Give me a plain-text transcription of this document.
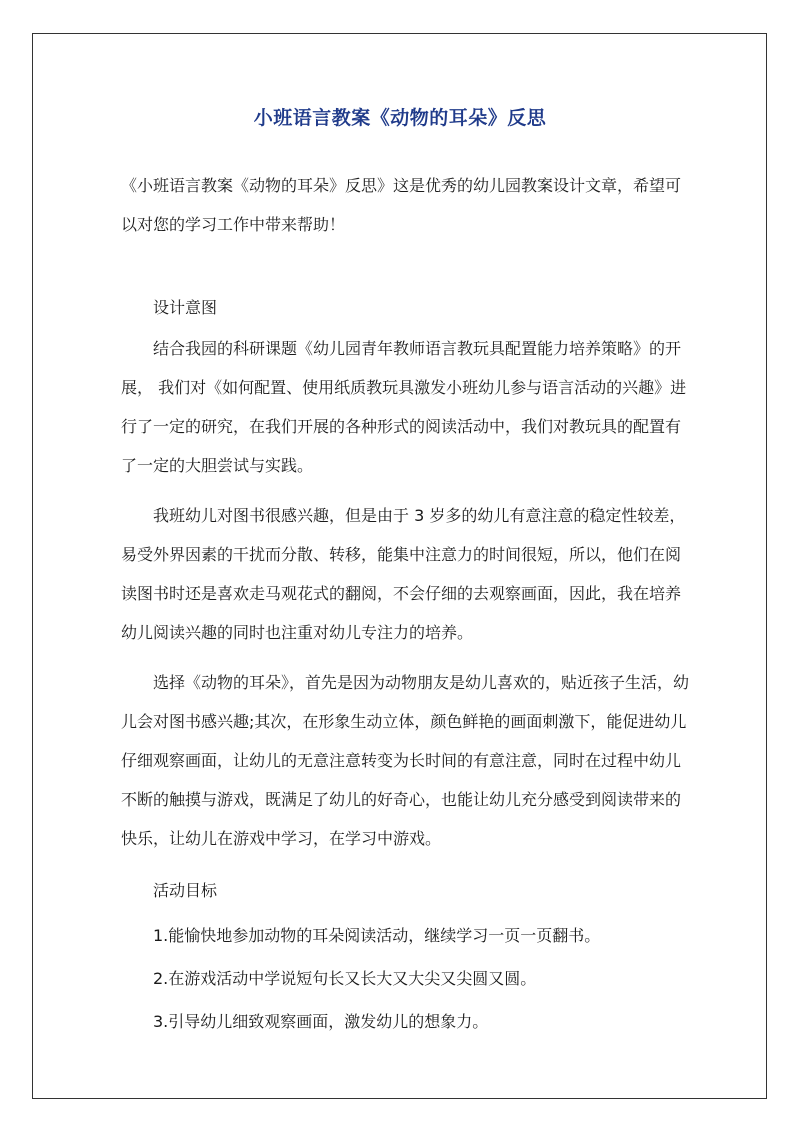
小班语言教案《动物的耳朵》反思

《小班语言教案《动物的耳朵》反思》这是优秀的幼儿园教案设计文章，希望可以对您的学习工作中带来帮助！

设计意图

结合我园的科研课题《幼儿园青年教师语言教玩具配置能力培养策略》的开展， 我们对《如何配置、使用纸质教玩具激发小班幼儿参与语言活动的兴趣》进行了一定的研究，在我们开展的各种形式的阅读活动中，我们对教玩具的配置有了一定的大胆尝试与实践。

我班幼儿对图书很感兴趣，但是由于 3 岁多的幼儿有意注意的稳定性较差，易受外界因素的干扰而分散、转移，能集中注意力的时间很短，所以，他们在阅读图书时还是喜欢走马观花式的翻阅，不会仔细的去观察画面，因此，我在培养幼儿阅读兴趣的同时也注重对幼儿专注力的培养。

选择《动物的耳朵》，首先是因为动物朋友是幼儿喜欢的，贴近孩子生活，幼儿会对图书感兴趣;其次，在形象生动立体，颜色鲜艳的画面刺激下，能促进幼儿仔细观察画面，让幼儿的无意注意转变为长时间的有意注意，同时在过程中幼儿不断的触摸与游戏，既满足了幼儿的好奇心，也能让幼儿充分感受到阅读带来的快乐，让幼儿在游戏中学习，在学习中游戏。

活动目标

1.能愉快地参加动物的耳朵阅读活动，继续学习一页一页翻书。

2.在游戏活动中学说短句长又长大又大尖又尖圆又圆。

3.引导幼儿细致观察画面，激发幼儿的想象力。
